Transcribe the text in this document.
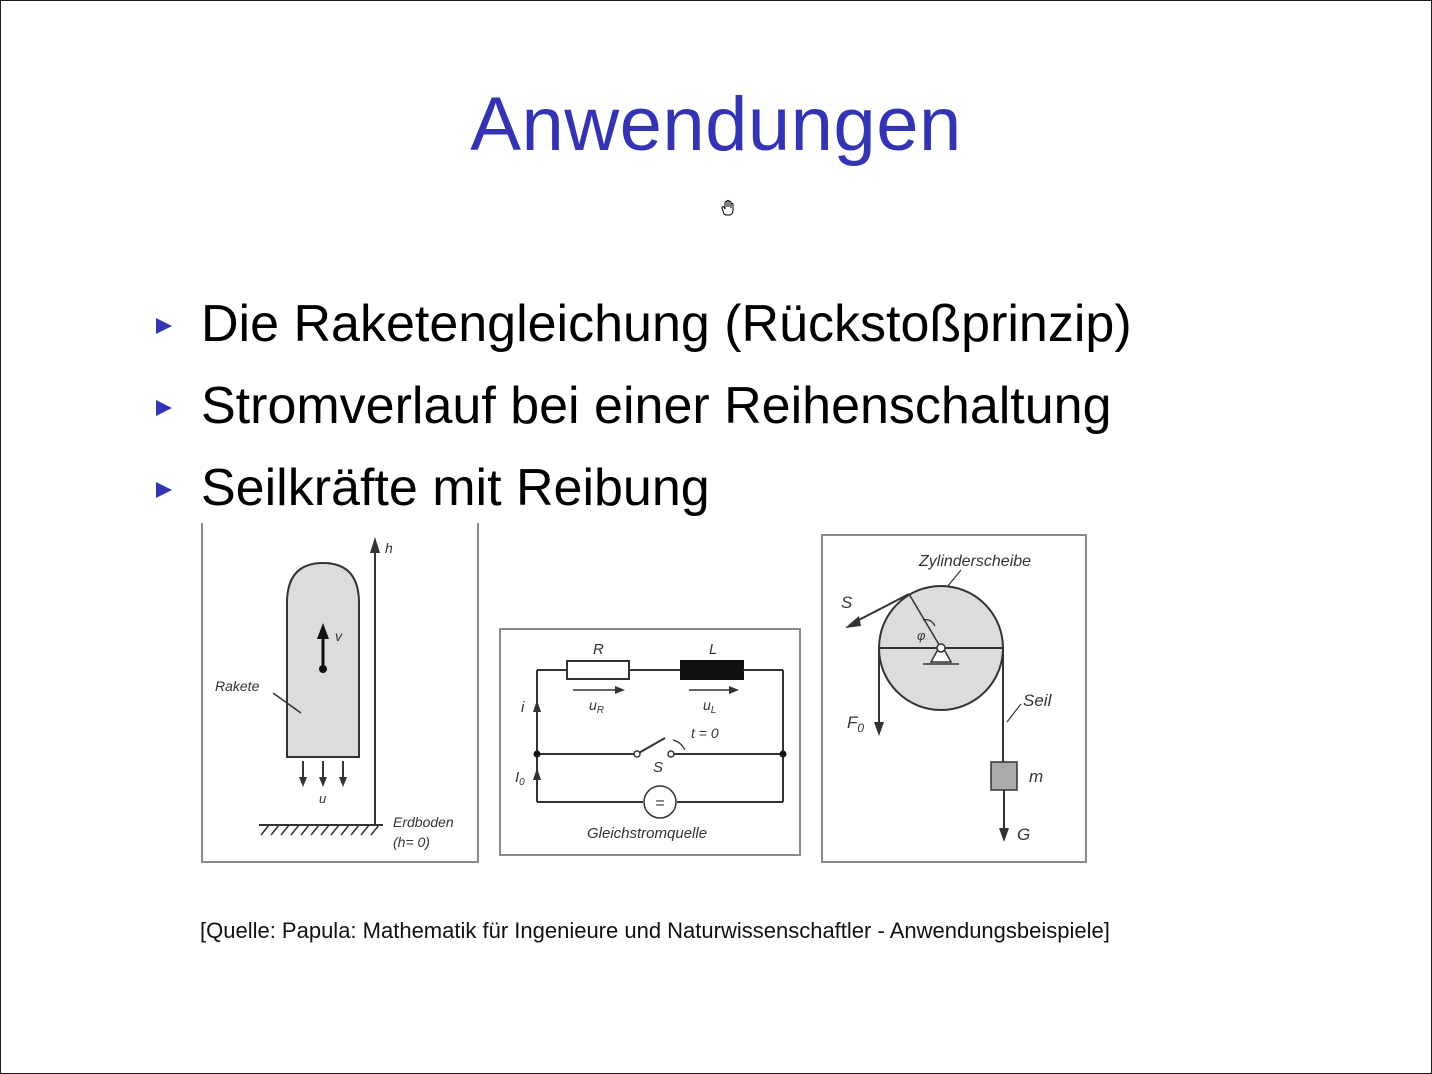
Anwendungen
Die Raketengleichung (Rückstoßprinzip)
Stromverlauf bei einer Reihenschaltung
Seilkräfte mit Reibung
h
v
Rakete
u
Erdboden
(h= 0)
R	L
$u_R$	$u_L$
i
t = 0
S
$I_0$
=
Gleichstromquelle
Zylinderscheibe
φ
S
$F_0$
Seil
m
G
[Quelle: Papula: Mathematik für Ingenieure und Naturwissenschaftler - Anwendungsbeispiele]
